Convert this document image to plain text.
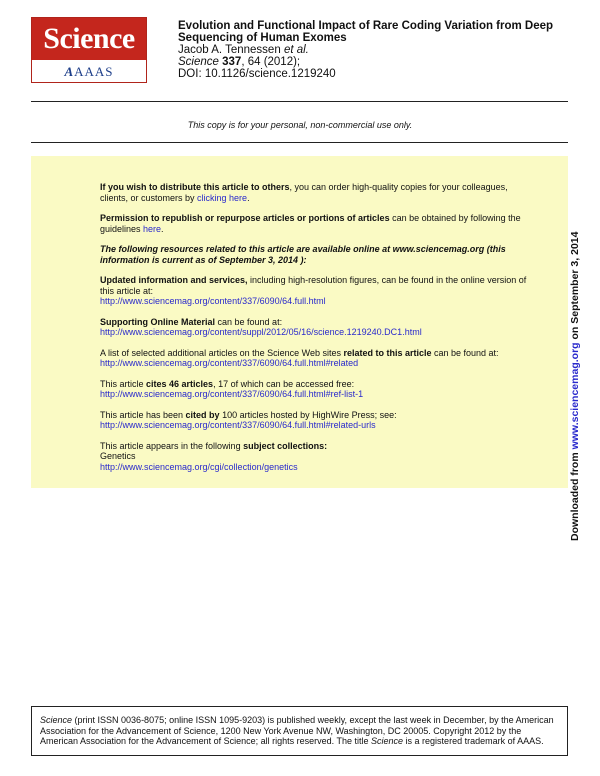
Science
AAAAS
Evolution and Functional Impact of Rare Coding Variation from Deep Sequencing of Human Exomes
Jacob A. Tennessen et al.
Science 337, 64 (2012);
DOI: 10.1126/science.1219240
This copy is for your personal, non-commercial use only.
If you wish to distribute this article to others, you can order high-quality copies for your colleagues, clients, or customers by clicking here.
Permission to republish or repurpose articles or portions of articles can be obtained by following the guidelines here.
The following resources related to this article are available online at www.sciencemag.org (this information is current as of September 3, 2014 ):
Updated information and services, including high-resolution figures, can be found in the online version of this article at:
http://www.sciencemag.org/content/337/6090/64.full.html
Supporting Online Material can be found at:
http://www.sciencemag.org/content/suppl/2012/05/16/science.1219240.DC1.html
A list of selected additional articles on the Science Web sites related to this article can be found at:
http://www.sciencemag.org/content/337/6090/64.full.html#related
This article cites 46 articles, 17 of which can be accessed free:
http://www.sciencemag.org/content/337/6090/64.full.html#ref-list-1
This article has been cited by 100 articles hosted by HighWire Press; see:
http://www.sciencemag.org/content/337/6090/64.full.html#related-urls
This article appears in the following subject collections:
Genetics
http://www.sciencemag.org/cgi/collection/genetics	Downloaded from www.sciencemag.org on September 3, 2014
Science (print ISSN 0036-8075; online ISSN 1095-9203) is published weekly, except the last week in December, by the American Association for the Advancement of Science, 1200 New York Avenue NW, Washington, DC 20005. Copyright 2012 by the American Association for the Advancement of Science; all rights reserved. The title Science is a registered trademark of AAAS.
